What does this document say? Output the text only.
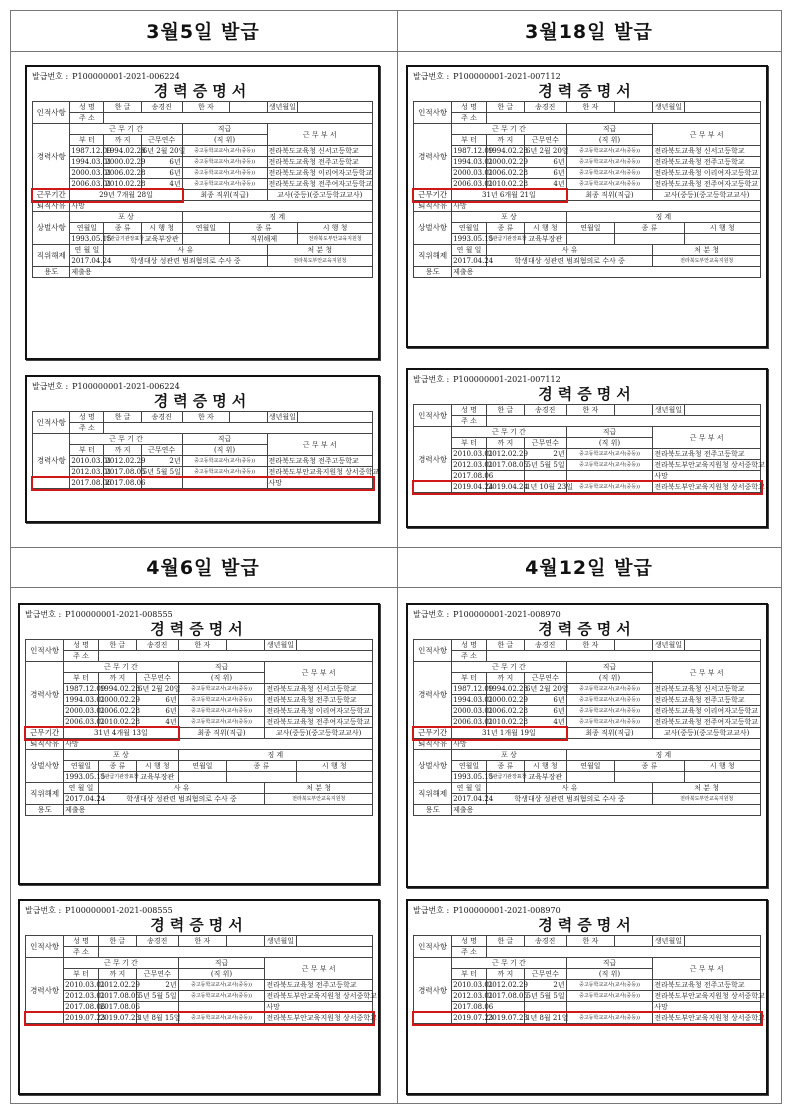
3월5일 발급
발급번호 : P100000001-2021-006224
경력증명서
인적사항	성 명	한 글	송경진	한 자		생년월일	
	주 소						
경력사항	근 무 기 간			직급		근 무 부 서	
	부 터	까 지	근무연수	(직 위)			
	1987.12.09	1994.02.28	6년 2월 20일	중고등학교교사(교사(중등))		전라북도교육청 신서고등학교	
	1994.03.01	2000.02.29	6년	중고등학교교사(교사(중등))		전라북도교육청 전주고등학교	
	2000.03.01	2006.02.28	6년	중고등학교교사(교사(중등))		전라북도교육청 이리여자고등학교	
	2006.03.01	2010.02.28	4년	중고등학교교사(교사(중등))		전라북도교육청 전주여자고등학교	
근무기간	29년 7개월 28일			최종 직위(직급)		교사(중등)(중고등학교교사)	
퇴직사유	사망						
상벌사항	포 상			징 계			
	연월일	종 류	시 행 청	연월일	종 류		시 행 청
	1993.05.15	장관급기관장표창	교육부장관		직위해제		전라북도부안교육지원청
직위해제	연 월 일	사 유				처 분 청	
	2017.04.24	학생대상 성관련 범죄혐의로 수사 중				전라북도부안교육지원청	
용도	제출용						
발급번호 : P100000001-2021-006224
경력증명서
인적사항	성 명	한 글	송경진	한 자		생년월일	
	주 소						
경력사항	근 무 기 간			직급		근 무 부 서	
	부 터	까 지	근무연수	(직 위)			
	2010.03.01	2012.02.29	2년	중고등학교교사(교사(중등))		전라북도교육청 전주고등학교	
	2012.03.01	2017.08.05	5년 5월 5일	중고등학교교사(교사(중등))		전라북도부안교육지원청 상서중학교	
	2017.08.06	2017.08.06				사망	
3월18일 발급
발급번호 : P100000001-2021-007112
경력증명서
인적사항	성 명	한 글	송경진	한 자		생년월일	
	주 소						
경력사항	근 무 기 간			직급		근 무 부 서	
	부 터	까 지	근무연수	(직 위)			
	1987.12.09	1994.02.28	6년 2월 20일	중고등학교교사(교사(중등))		전라북도교육청 신서고등학교	
	1994.03.01	2000.02.29	6년	중고등학교교사(교사(중등))		전라북도교육청 전주고등학교	
	2000.03.01	2006.02.28	6년	중고등학교교사(교사(중등))		전라북도교육청 이리여자고등학교	
	2006.03.01	2010.02.28	4년	중고등학교교사(교사(중등))		전라북도교육청 전주여자고등학교	
근무기간	31년 6개월 21일			최종 직위(직급)		교사(중등)(중고등학교교사)	
퇴직사유	사망						
상벌사항	포 상			징 계			
	연월일	종 류	시 행 청	연월일	종 류		시 행 청
	1993.05.15	장관급기관장표창	교육부장관				
직위해제	연 월 일	사 유				처 분 청	
	2017.04.24	학생대상 성관련 범죄혐의로 수사 중				전라북도부안교육지원청	
용도	제출용						
발급번호 : P100000001-2021-007112
경력증명서
인적사항	성 명	한 글	송경진	한 자		생년월일	
	주 소						
경력사항	근 무 기 간			직급		근 무 부 서	
	부 터	까 지	근무연수	(직 위)			
	2010.03.01	2012.02.29	2년	중고등학교교사(교사(중등))		전라북도교육청 전주고등학교	
	2012.03.01	2017.08.05	5년 5월 5일	중고등학교교사(교사(중등))		전라북도부안교육지원청 상서중학교	
	2017.08.06					사망	
	2019.04.24	2019.04.24	1년 10월 23일	중고등학교교사(교사(중등))		전라북도부안교육지원청 상서중학교	
4월6일 발급
발급번호 : P100000001-2021-008555
경력증명서
인적사항	성 명	한 글	송경진	한 자		생년월일	
	주 소						
경력사항	근 무 기 간			직급		근 무 부 서	
	부 터	까 지	근무연수	(직 위)			
	1987.12.09	1994.02.28	6년 2월 20일	중고등학교교사(교사(중등))		전라북도교육청 신서고등학교	
	1994.03.01	2000.02.29	6년	중고등학교교사(교사(중등))		전라북도교육청 전주고등학교	
	2000.03.01	2006.02.28	6년	중고등학교교사(교사(중등))		전라북도교육청 이리여자고등학교	
	2006.03.01	2010.02.28	4년	중고등학교교사(교사(중등))		전라북도교육청 전주여자고등학교	
근무기간	31년 4개월 13일			최종 직위(직급)		교사(중등)(중고등학교교사)	
퇴직사유	사망						
상벌사항	포 상			징 계			
	연월일	종 류	시 행 청	연월일	종 류		시 행 청
	1993.05.15	장관급기관장표창	교육부장관				
직위해제	연 월 일	사 유				처 분 청	
	2017.04.24	학생대상 성관련 범죄혐의로 수사 중				전라북도부안교육지원청	
용도	제출용						
발급번호 : P100000001-2021-008555
경력증명서
인적사항	성 명	한 글	송경진	한 자		생년월일	
	주 소						
경력사항	근 무 기 간			직급		근 무 부 서	
	부 터	까 지	근무연수	(직 위)			
	2010.03.01	2012.02.29	2년	중고등학교교사(교사(중등))		전라북도교육청 전주고등학교	
	2012.03.01	2017.08.05	5년 5월 5일	중고등학교교사(교사(중등))		전라북도부안교육지원청 상서중학교	
	2017.08.06	2017.08.06				사망	
	2019.07.23	2019.07.23	1년 8월 15일	중고등학교교사(교사(중등))		전라북도부안교육지원청 상서중학교	
4월12일 발급
발급번호 : P100000001-2021-008970
경력증명서
인적사항	성 명	한 글	송경진	한 자		생년월일	
	주 소						
경력사항	근 무 기 간			직급		근 무 부 서	
	부 터	까 지	근무연수	(직 위)			
	1987.12.09	1994.02.28	6년 2월 20일	중고등학교교사(교사(중등))		전라북도교육청 신서고등학교	
	1994.03.01	2000.02.29	6년	중고등학교교사(교사(중등))		전라북도교육청 전주고등학교	
	2000.03.01	2006.02.28	6년	중고등학교교사(교사(중등))		전라북도교육청 이리여자고등학교	
	2006.03.01	2010.02.28	4년	중고등학교교사(교사(중등))		전라북도교육청 전주여자고등학교	
근무기간	31년 1개월 19일			최종 직위(직급)		교사(중등)(중고등학교교사)	
퇴직사유	사망						
상벌사항	포 상			징 계			
	연월일	종 류	시 행 청	연월일	종 류		시 행 청
	1993.05.15	장관급기관장표창	교육부장관				
직위해제	연 월 일	사 유				처 분 청	
	2017.04.24	학생대상 성관련 범죄혐의로 수사 중				전라북도부안교육지원청	
용도	제출용						
발급번호 : P100000001-2021-008970
경력증명서
인적사항	성 명	한 글	송경진	한 자		생년월일	
	주 소						
경력사항	근 무 기 간			직급		근 무 부 서	
	부 터	까 지	근무연수	(직 위)			
	2010.03.01	2012.02.29	2년	중고등학교교사(교사(중등))		전라북도교육청 전주고등학교	
	2012.03.01	2017.08.05	5년 5월 5일	중고등학교교사(교사(중등))		전라북도부안교육지원청 상서중학교	
	2017.08.06					사망	
	2019.07.23	2019.07.23	1년 8월 21일	중고등학교교사(교사(중등))		전라북도부안교육지원청 상서중학교	
